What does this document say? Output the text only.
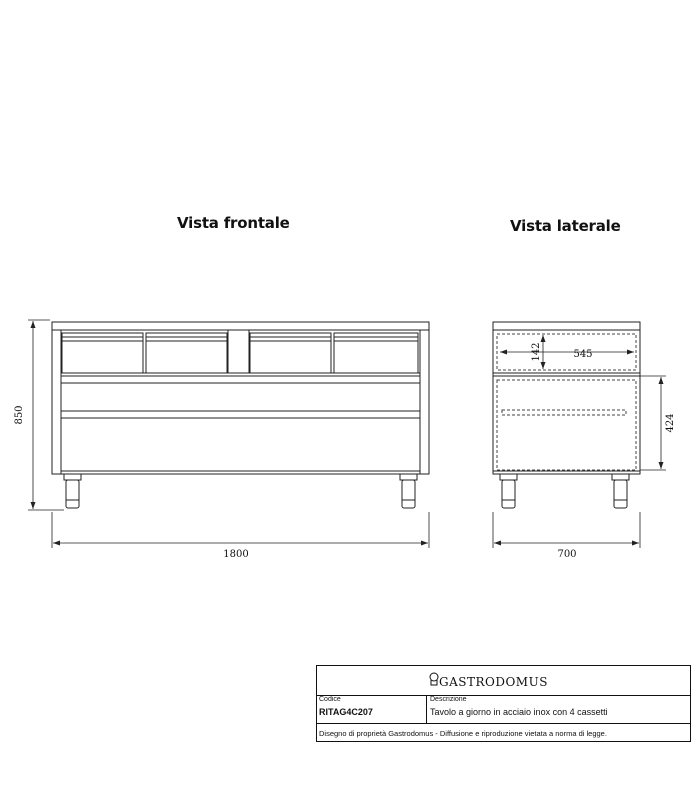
Vista frontale	Vista laterale
850
1800
142	545
424
700
GASTRODOMUS
Codice
RITAG4C207
Descrizione
Tavolo a giorno in acciaio inox con 4 cassetti
Disegno di proprietà Gastrodomus - Diffusione e riproduzione vietata a norma di legge.
